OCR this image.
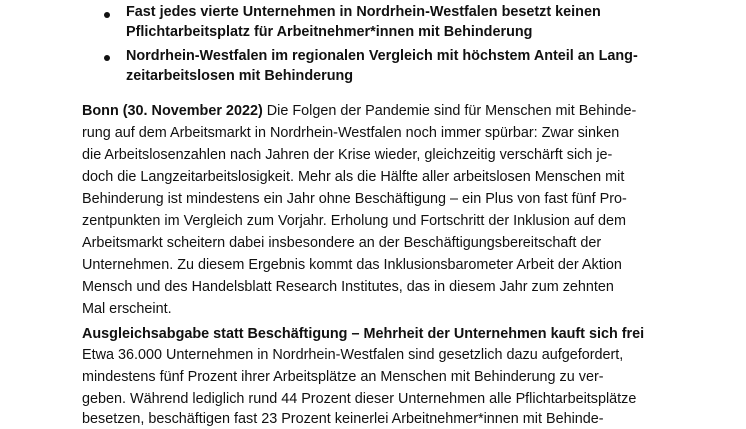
Fast jedes vierte Unternehmen in Nordrhein-Westfalen besetzt keinen
Pflichtarbeitsplatz für Arbeitnehmer*innen mit Behinderung
Nordrhein-Westfalen im regionalen Vergleich mit höchstem Anteil an Lang-
zeitarbeitslosen mit Behinderung
Bonn (30. November 2022) Die Folgen der Pandemie sind für Menschen mit Behinde-
rung auf dem Arbeitsmarkt in Nordrhein-Westfalen noch immer spürbar: Zwar sinken
die Arbeitslosenzahlen nach Jahren der Krise wieder, gleichzeitig verschärft sich je-
doch die Langzeitarbeitslosigkeit. Mehr als die Hälfte aller arbeitslosen Menschen mit
Behinderung ist mindestens ein Jahr ohne Beschäftigung – ein Plus von fast fünf Pro-
zentpunkten im Vergleich zum Vorjahr. Erholung und Fortschritt der Inklusion auf dem
Arbeitsmarkt scheitern dabei insbesondere an der Beschäftigungsbereitschaft der
Unternehmen. Zu diesem Ergebnis kommt das Inklusionsbarometer Arbeit der Aktion
Mensch und des Handelsblatt Research Institutes, das in diesem Jahr zum zehnten
Mal erscheint.
Ausgleichsabgabe statt Beschäftigung – Mehrheit der Unternehmen kauft sich frei
Etwa 36.000 Unternehmen in Nordrhein-Westfalen sind gesetzlich dazu aufgefordert,
mindestens fünf Prozent ihrer Arbeitsplätze an Menschen mit Behinderung zu ver-
geben. Während lediglich rund 44 Prozent dieser Unternehmen alle Pflichtarbeitsplätze
besetzen, beschäftigen fast 23 Prozent keinerlei Arbeitnehmer*innen mit Behinde-
